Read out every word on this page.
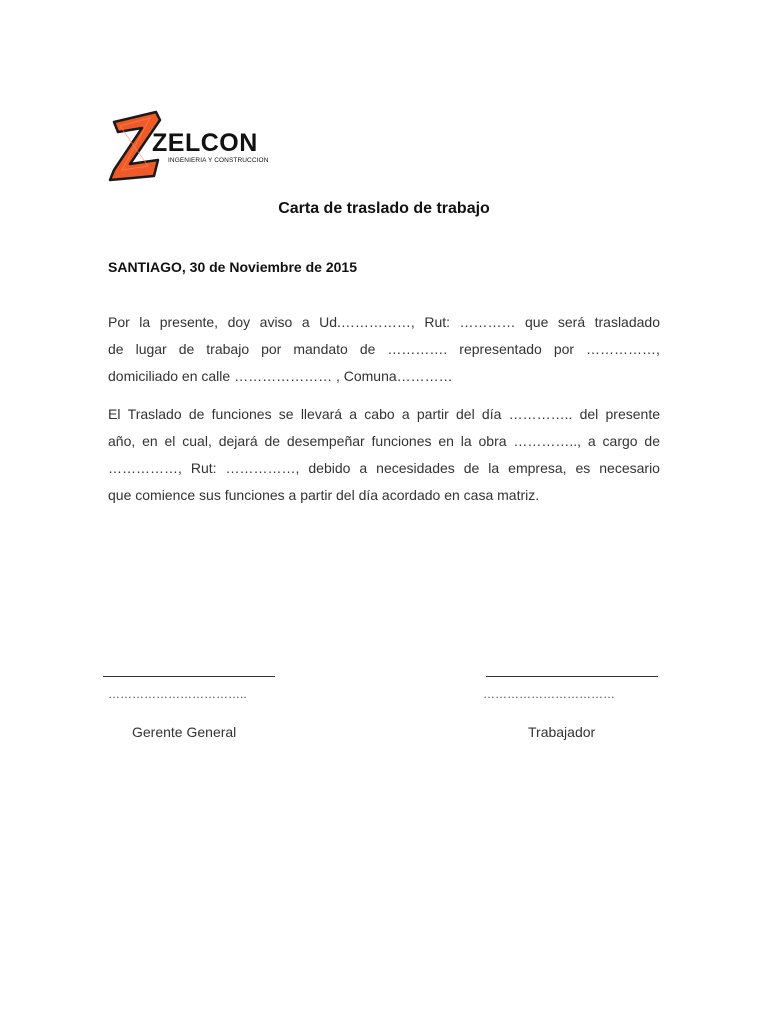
ZELCON
INGENIERIA Y CONSTRUCCION
Carta de traslado de trabajo
SANTIAGO, 30 de Noviembre de 2015
Por la presente, doy aviso a Ud.……………, Rut: ………… que será trasladado
de lugar de trabajo por mandato de …………. representado por ……………,
domiciliado en calle ………………… , Comuna…………
El Traslado de funciones se llevará a cabo a partir del día ………….. del presente
año, en el cual, dejará de desempeñar funciones en la obra ………….., a cargo de
……………, Rut: ……………, debido a necesidades de la empresa, es necesario
que comience sus funciones a partir del día acordado en casa matriz.
……………………………..	……………………………
Gerente General	Trabajador
